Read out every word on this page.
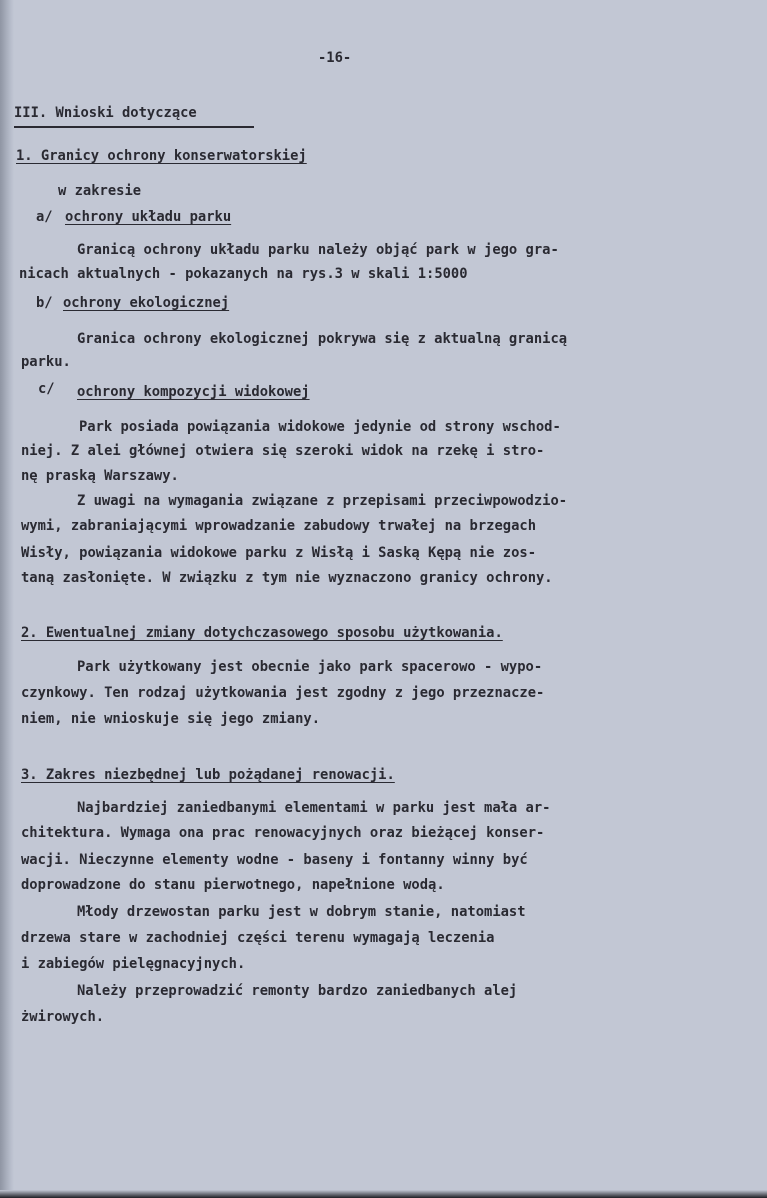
-16-
III. Wnioski dotyczące
1. Granicy ochrony konserwatorskiej
w zakresie
a/ ochrony układu parku
Granicą ochrony układu parku należy objąć park w jego gra-
nicach aktualnych - pokazanych na rys.3 w skali 1:5000
b/ ochrony ekologicznej
Granica ochrony ekologicznej pokrywa się z aktualną granicą
parku.
c/ ochrony kompozycji widokowej
Park posiada powiązania widokowe jedynie od strony wschod-
niej. Z alei głównej otwiera się szeroki widok na rzekę i stro-
nę praską Warszawy.
Z uwagi na wymagania związane z przepisami przeciwpowodzio-
wymi, zabraniającymi wprowadzanie zabudowy trwałej na brzegach
Wisły, powiązania widokowe parku z Wisłą i Saską Kępą nie zos-
taną zasłonięte. W związku z tym nie wyznaczono granicy ochrony.
2. Ewentualnej zmiany dotychczasowego sposobu użytkowania.
Park użytkowany jest obecnie jako park spacerowo - wypo-
czynkowy. Ten rodzaj użytkowania jest zgodny z jego przeznacze-
niem, nie wnioskuje się jego zmiany.
3. Zakres niezbędnej lub pożądanej renowacji.
Najbardziej zaniedbanymi elementami w parku jest mała ar-
chitektura. Wymaga ona prac renowacyjnych oraz bieżącej konser-
wacji. Nieczynne elementy wodne - baseny i fontanny winny być
doprowadzone do stanu pierwotnego, napełnione wodą.
Młody drzewostan parku jest w dobrym stanie, natomiast
drzewa stare w zachodniej części terenu wymagają leczenia
i zabiegów pielęgnacyjnych.
Należy przeprowadzić remonty bardzo zaniedbanych alej
żwirowych.
